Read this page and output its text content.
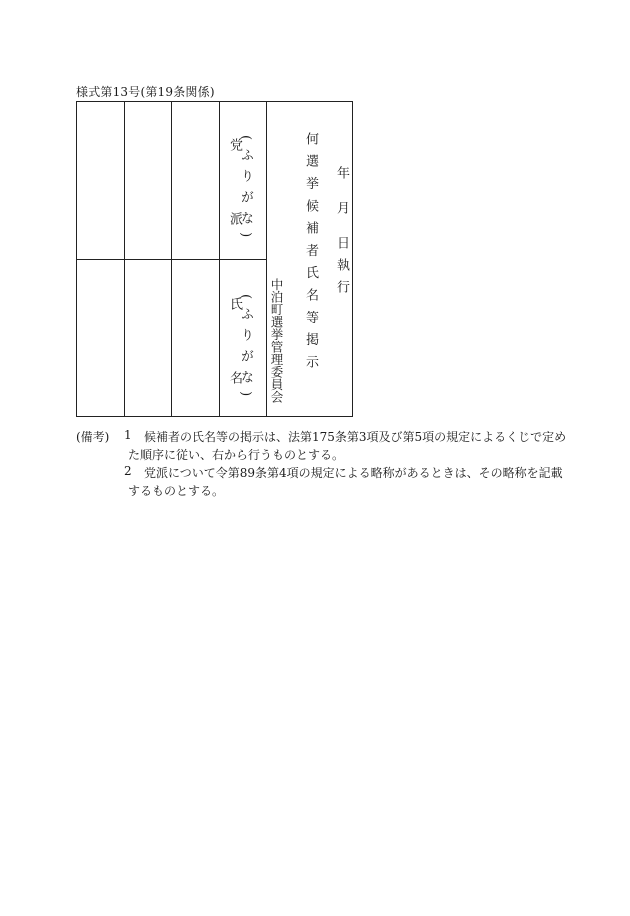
様式第13号(第19条関係)
(ふりがな)
党　派
(ふりがな)
氏　名	何選挙候補者氏名等掲示 年 月 日執行
中泊町選挙管理委員会
(備考) 1 候補者の氏名等の掲示は、法第175条第3項及び第5項の規定によるくじで定め
た順序に従い、右から行うものとする。
2 党派について令第89条第4項の規定による略称があるときは、その略称を記載
するものとする。
